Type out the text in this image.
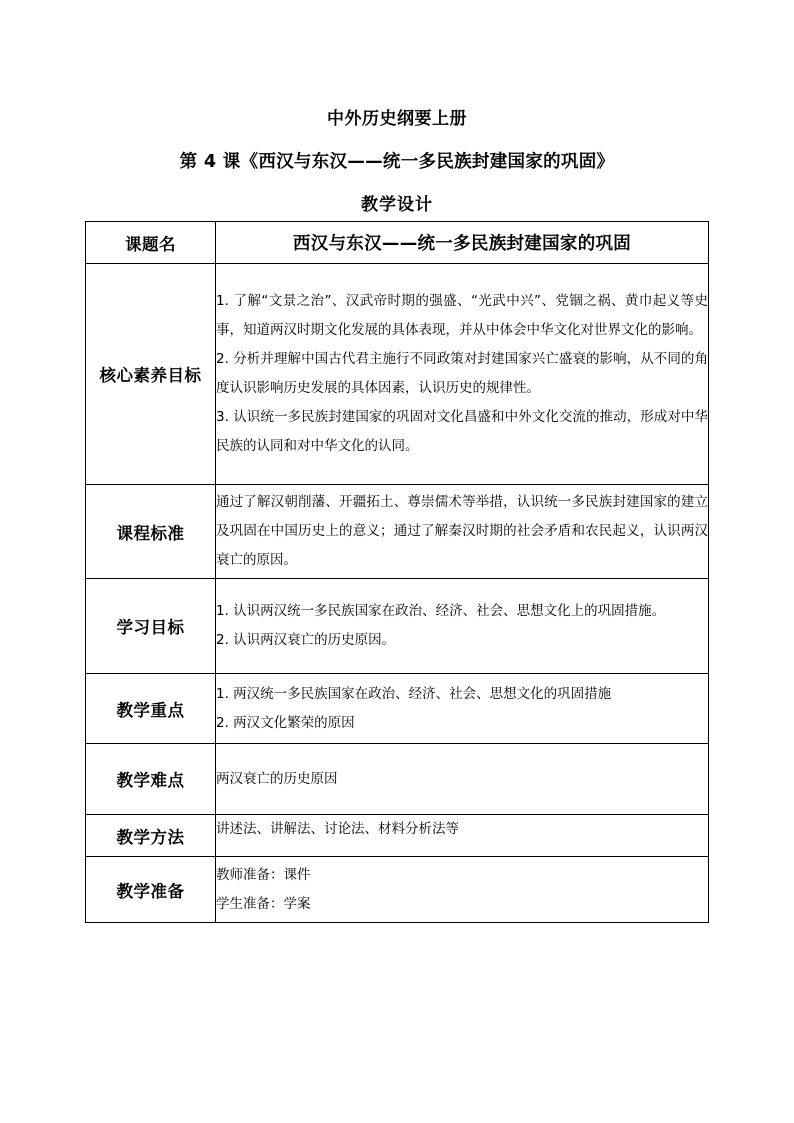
中外历史纲要上册
第 4 课《西汉与东汉——统一多民族封建国家的巩固》
教学设计
课题名	西汉与东汉——统一多民族封建国家的巩固
核心素养目标	1. 了解“文景之治”、汉武帝时期的强盛、“光武中兴”、党锢之祸、黄巾起义等史事，知道两汉时期文化发展的具体表现，并从中体会中华文化对世界文化的影响。
2. 分析并理解中国古代君主施行不同政策对封建国家兴亡盛衰的影响，从不同的角度认识影响历史发展的具体因素，认识历史的规律性。
3. 认识统一多民族封建国家的巩固对文化昌盛和中外文化交流的推动，形成对中华民族的认同和对中华文化的认同。

课程标准	通过了解汉朝削藩、开疆拓土、尊崇儒术等举措，认识统一多民族封建国家的建立及巩固在中国历史上的意义；通过了解秦汉时期的社会矛盾和农民起义，认识两汉衰亡的原因。

学习目标	1. 认识两汉统一多民族国家在政治、经济、社会、思想文化上的巩固措施。
2. 认识两汉衰亡的历史原因。

教学重点	1. 两汉统一多民族国家在政治、经济、社会、思想文化的巩固措施
2. 两汉文化繁荣的原因

教学难点	两汉衰亡的历史原因

教学方法	讲述法、讲解法、讨论法、材料分析法等

教学准备	教师准备：课件
学生准备：学案
